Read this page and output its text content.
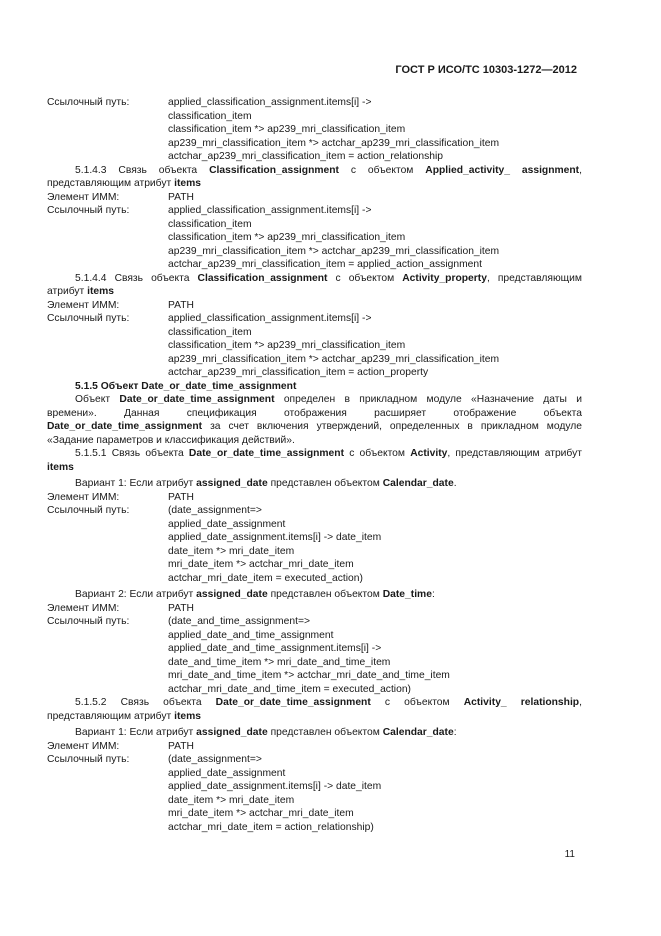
ГОСТ Р ИСО/ТС 10303-1272—2012
Ссылочный путь:	applied_classification_assignment.items[i] ->
classification_item
classification_item *> ap239_mri_classification_item
ap239_mri_classification_item *> actchar_ap239_mri_classification_item
actchar_ap239_mri_classification_item = action_relationship
5.1.4.3 Связь объекта Classification_assignment с объектом Applied_activity_ assignment, представляющим атрибут items
Элемент ИММ:	PATH
Ссылочный путь:	applied_classification_assignment.items[i] ->
classification_item
classification_item *> ap239_mri_classification_item
ap239_mri_classification_item *> actchar_ap239_mri_classification_item
actchar_ap239_mri_classification_item = applied_action_assignment
5.1.4.4 Связь объекта Classification_assignment с объектом Activity_property, представляющим атрибут items
Элемент ИММ:	PATH
Ссылочный путь:	applied_classification_assignment.items[i] ->
classification_item
classification_item *> ap239_mri_classification_item
ap239_mri_classification_item *> actchar_ap239_mri_classification_item
actchar_ap239_mri_classification_item = action_property
5.1.5 Объект Date_or_date_time_assignment
Объект Date_or_date_time_assignment определен в прикладном модуле «Назначение даты и времени». Данная спецификация отображения расширяет отображение объекта Date_or_date_time_assignment за счет включения утверждений, определенных в прикладном модуле «Задание параметров и классификация действий».
5.1.5.1 Связь объекта Date_or_date_time_assignment с объектом Activity, представляющим атрибут items
Вариант 1: Если атрибут assigned_date представлен объектом Calendar_date.
Элемент ИММ:	PATH
Ссылочный путь:	(date_assignment=>
applied_date_assignment
applied_date_assignment.items[i] -> date_item
date_item *> mri_date_item
mri_date_item *> actchar_mri_date_item
actchar_mri_date_item = executed_action)
Вариант 2: Если атрибут assigned_date представлен объектом Date_time:
Элемент ИММ:	PATH
Ссылочный путь:	(date_and_time_assignment=>
applied_date_and_time_assignment
applied_date_and_time_assignment.items[i] ->
date_and_time_item *> mri_date_and_time_item
mri_date_and_time_item *> actchar_mri_date_and_time_item
actchar_mri_date_and_time_item = executed_action)
5.1.5.2 Связь объекта Date_or_date_time_assignment с объектом Activity_ relationship, представляющим атрибут items
Вариант 1: Если атрибут assigned_date представлен объектом Calendar_date:
Элемент ИММ:	PATH
Ссылочный путь:	(date_assignment=>
applied_date_assignment
applied_date_assignment.items[i] -> date_item
date_item *> mri_date_item
mri_date_item *> actchar_mri_date_item
actchar_mri_date_item = action_relationship)
11
